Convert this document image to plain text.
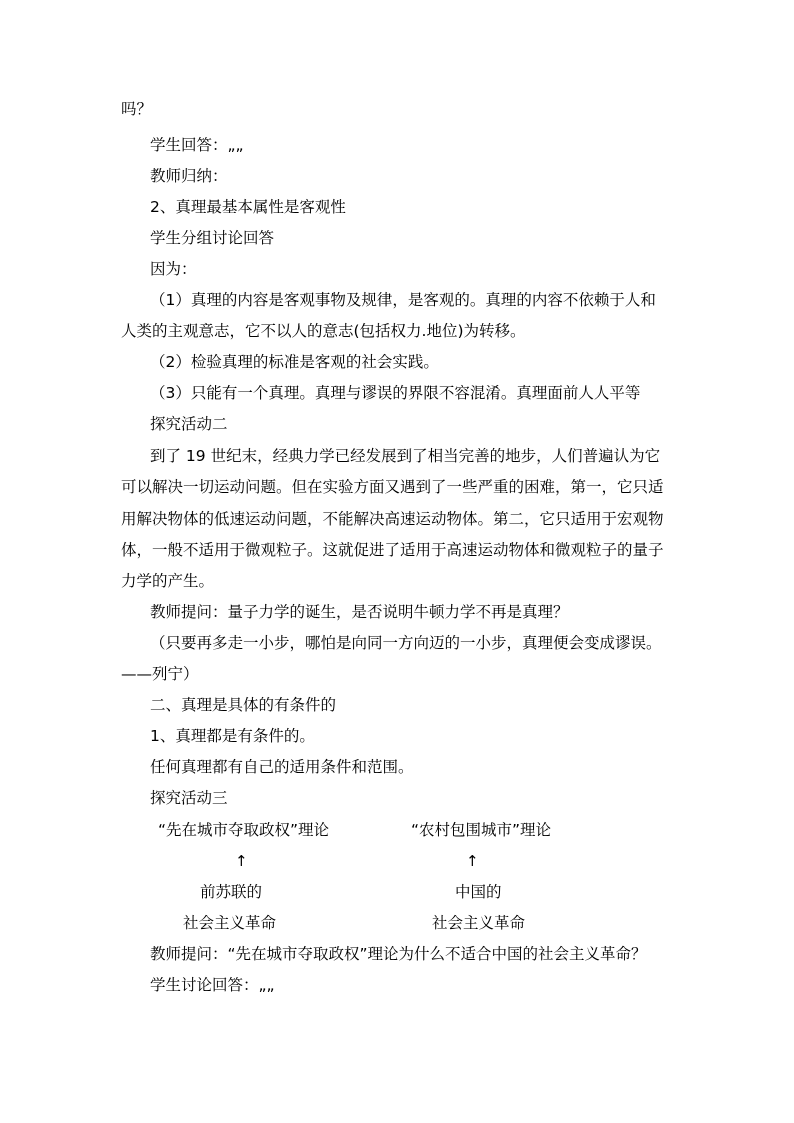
吗？
学生回答：„„
教师归纳：
2、真理最基本属性是客观性
学生分组讨论回答
因为：
（1）真理的内容是客观事物及规律，是客观的。真理的内容不依赖于人和
人类的主观意志，它不以人的意志(包括权力.地位)为转移。
（2）检验真理的标准是客观的社会实践。
（3）只能有一个真理。真理与谬误的界限不容混淆。真理面前人人平等
探究活动二
到了 19 世纪末，经典力学已经发展到了相当完善的地步，人们普遍认为它
可以解决一切运动问题。但在实验方面又遇到了一些严重的困难，第一，它只适
用解决物体的低速运动问题，不能解决高速运动物体。第二，它只适用于宏观物
体，一般不适用于微观粒子。这就促进了适用于高速运动物体和微观粒子的量子
力学的产生。
教师提问：量子力学的诞生，是否说明牛顿力学不再是真理？
（只要再多走一小步，哪怕是向同一方向迈的一小步，真理便会变成谬误。
——列宁）
二、真理是具体的有条件的
1、真理都是有条件的。
任何真理都有自己的适用条件和范围。
探究活动三
“先在城市夺取政权”理论	“农村包围城市”理论
↑	↑
前苏联的	中国的
社会主义革命	社会主义革命
教师提问：“先在城市夺取政权”理论为什么不适合中国的社会主义革命？
学生讨论回答：„„
